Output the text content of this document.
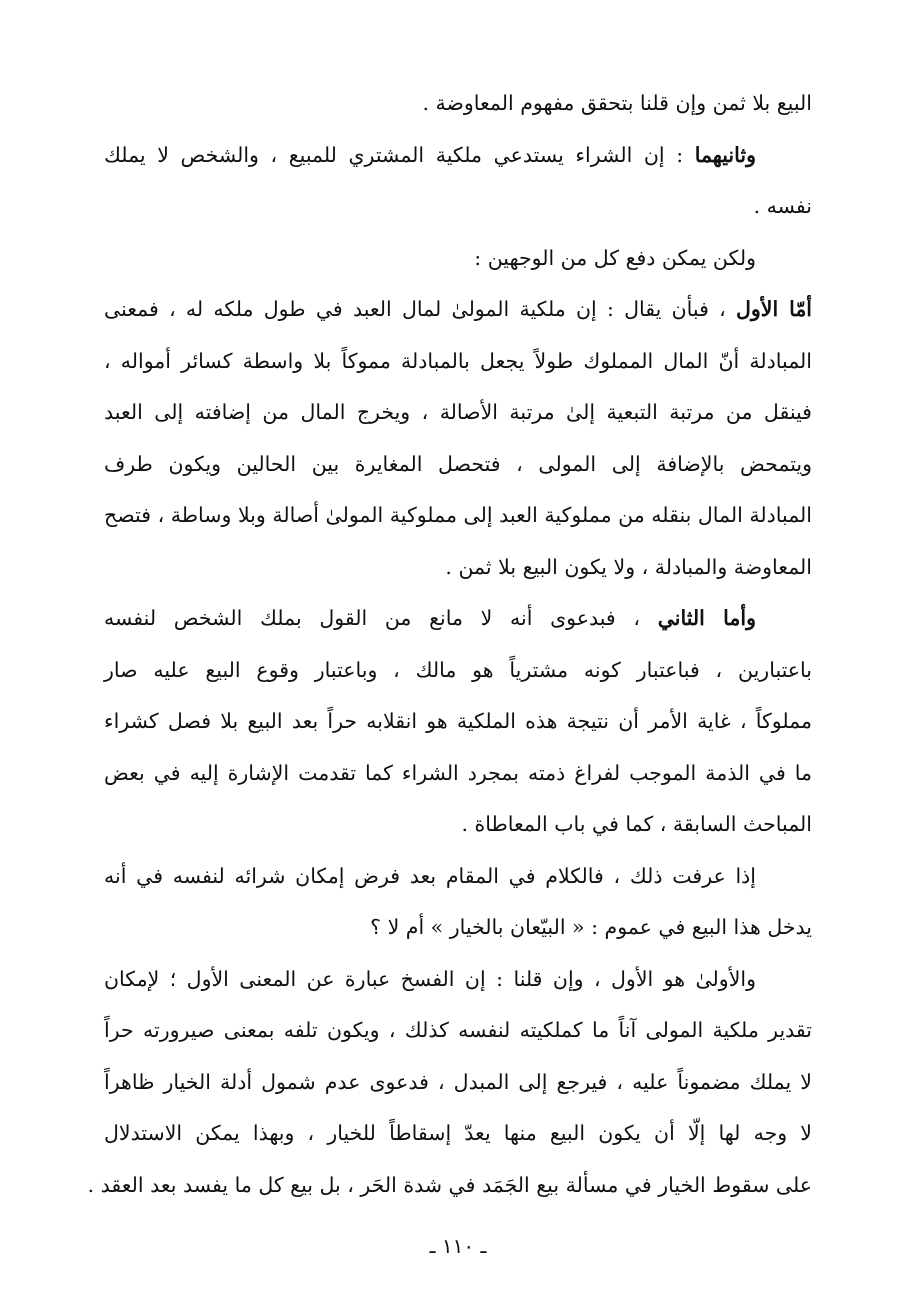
البيع بلا ثمن وإن قلنا بتحقق مفهوم المعاوضة .
وثانيهما : إن الشراء يستدعي ملكية المشتري للمبيع ، والشخص لا يملك
نفسه .
ولكن يمكن دفع كل من الوجهين :
أمّا الأول ، فبأن يقال : إن ملكية المولىٰ لمال العبد في طول ملكه له ، فمعنى
المبادلة أنّ المال المملوك طولاً يجعل بالمبادلة مموكاً بلا واسطة كسائر أمواله ،
فينقل من مرتبة التبعية إلىٰ مرتبة الأصالة ، ويخرج المال من إضافته إلى العبد
ويتمحض بالإضافة إلى المولى ، فتحصل المغايرة بين الحالين ويكون طرف
المبادلة المال بنقله من مملوكية العبد إلى مملوكية المولىٰ أصالة وبلا وساطة ، فتصح
المعاوضة والمبادلة ، ولا يكون البيع بلا ثمن .
وأما الثاني ، فبدعوى أنه لا مانع من القول بملك الشخص لنفسه
باعتبارين ، فباعتبار كونه مشترياً هو مالك ، وباعتبار وقوع البيع عليه صار
مملوكاً ، غاية الأمر أن نتيجة هذه الملكية هو انقلابه حراً بعد البيع بلا فصل كشراء
ما في الذمة الموجب لفراغ ذمته بمجرد الشراء كما تقدمت الإشارة إليه في بعض
المباحث السابقة ، كما في باب المعاطاة .
إذا عرفت ذلك ، فالكلام في المقام بعد فرض إمكان شرائه لنفسه في أنه
يدخل هذا البيع في عموم : « البيّعان بالخيار » أم لا ؟
والأولىٰ هو الأول ، وإن قلنا : إن الفسخ عبارة عن المعنى الأول ؛ لإمكان
تقدير ملكية المولى آناً ما كملكيته لنفسه كذلك ، ويكون تلفه بمعنى صيرورته حراً
لا يملك مضموناً عليه ، فيرجع إلى المبدل ، فدعوى عدم شمول أدلة الخيار ظاهراً
لا وجه لها إلّا أن يكون البيع منها يعدّ إسقاطاً للخيار ، وبهذا يمكن الاستدلال
على سقوط الخيار في مسألة بيع الجَمَد في شدة الحَر ، بل بيع كل ما يفسد بعد العقد .
ـ ١١٠ ـ
